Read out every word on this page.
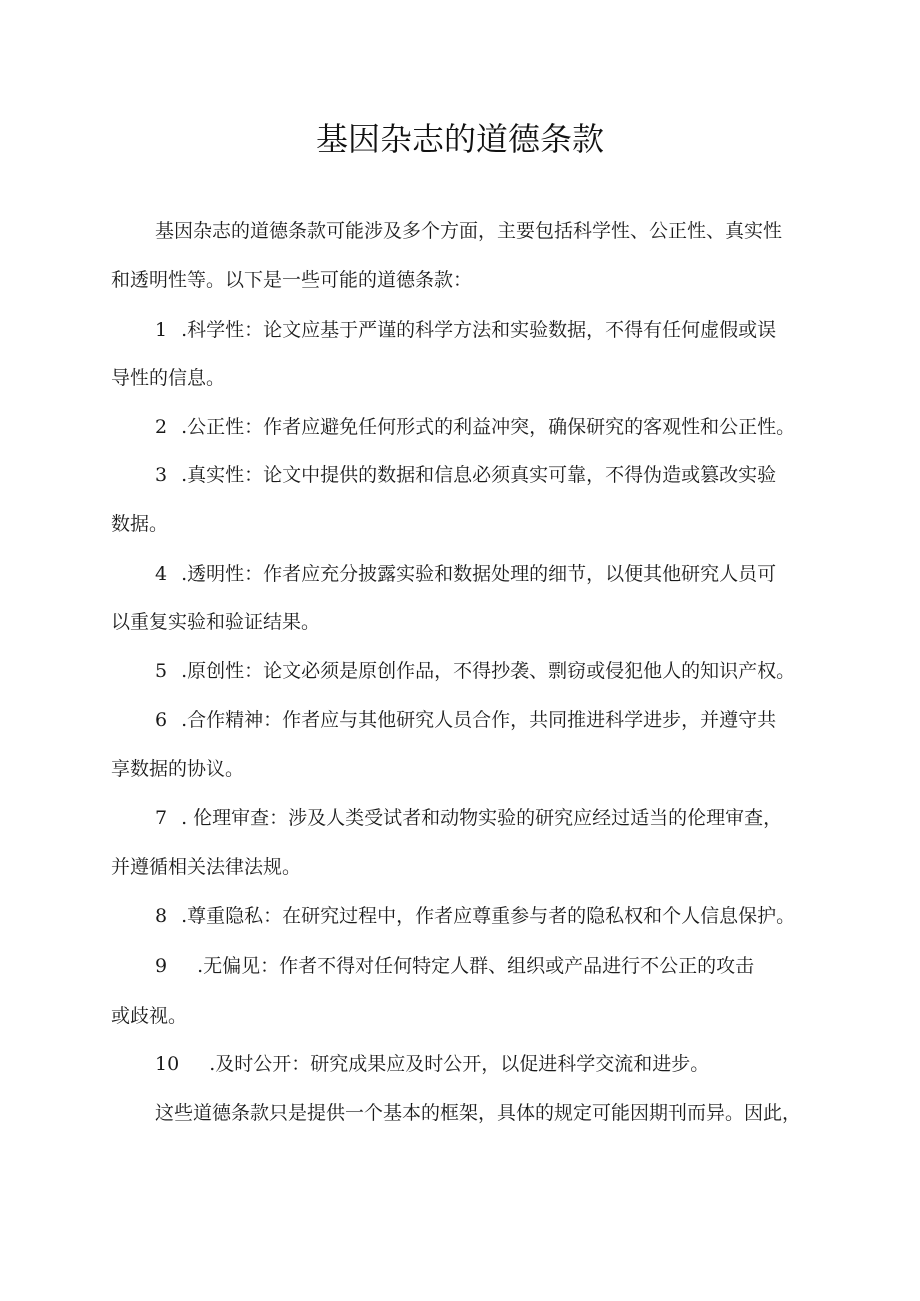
基因杂志的道德条款
基因杂志的道德条款可能涉及多个方面，主要包括科学性、公正性、真实性
和透明性等。以下是一些可能的道德条款：
1 .科学性：论文应基于严谨的科学方法和实验数据，不得有任何虚假或误
导性的信息。
2 .公正性：作者应避免任何形式的利益冲突，确保研究的客观性和公正性。
3 .真实性：论文中提供的数据和信息必须真实可靠，不得伪造或篡改实验
数据。
4 .透明性：作者应充分披露实验和数据处理的细节，以便其他研究人员可
以重复实验和验证结果。
5 .原创性：论文必须是原创作品，不得抄袭、剽窃或侵犯他人的知识产权。
6 .合作精神：作者应与其他研究人员合作，共同推进科学进步，并遵守共
享数据的协议。
7 . 伦理审查：涉及人类受试者和动物实验的研究应经过适当的伦理审查，
并遵循相关法律法规。
8 .尊重隐私：在研究过程中，作者应尊重参与者的隐私权和个人信息保护。
9 .无偏见：作者不得对任何特定人群、组织或产品进行不公正的攻击
或歧视。
10 .及时公开：研究成果应及时公开，以促进科学交流和进步。
这些道德条款只是提供一个基本的框架，具体的规定可能因期刊而异。因此，
